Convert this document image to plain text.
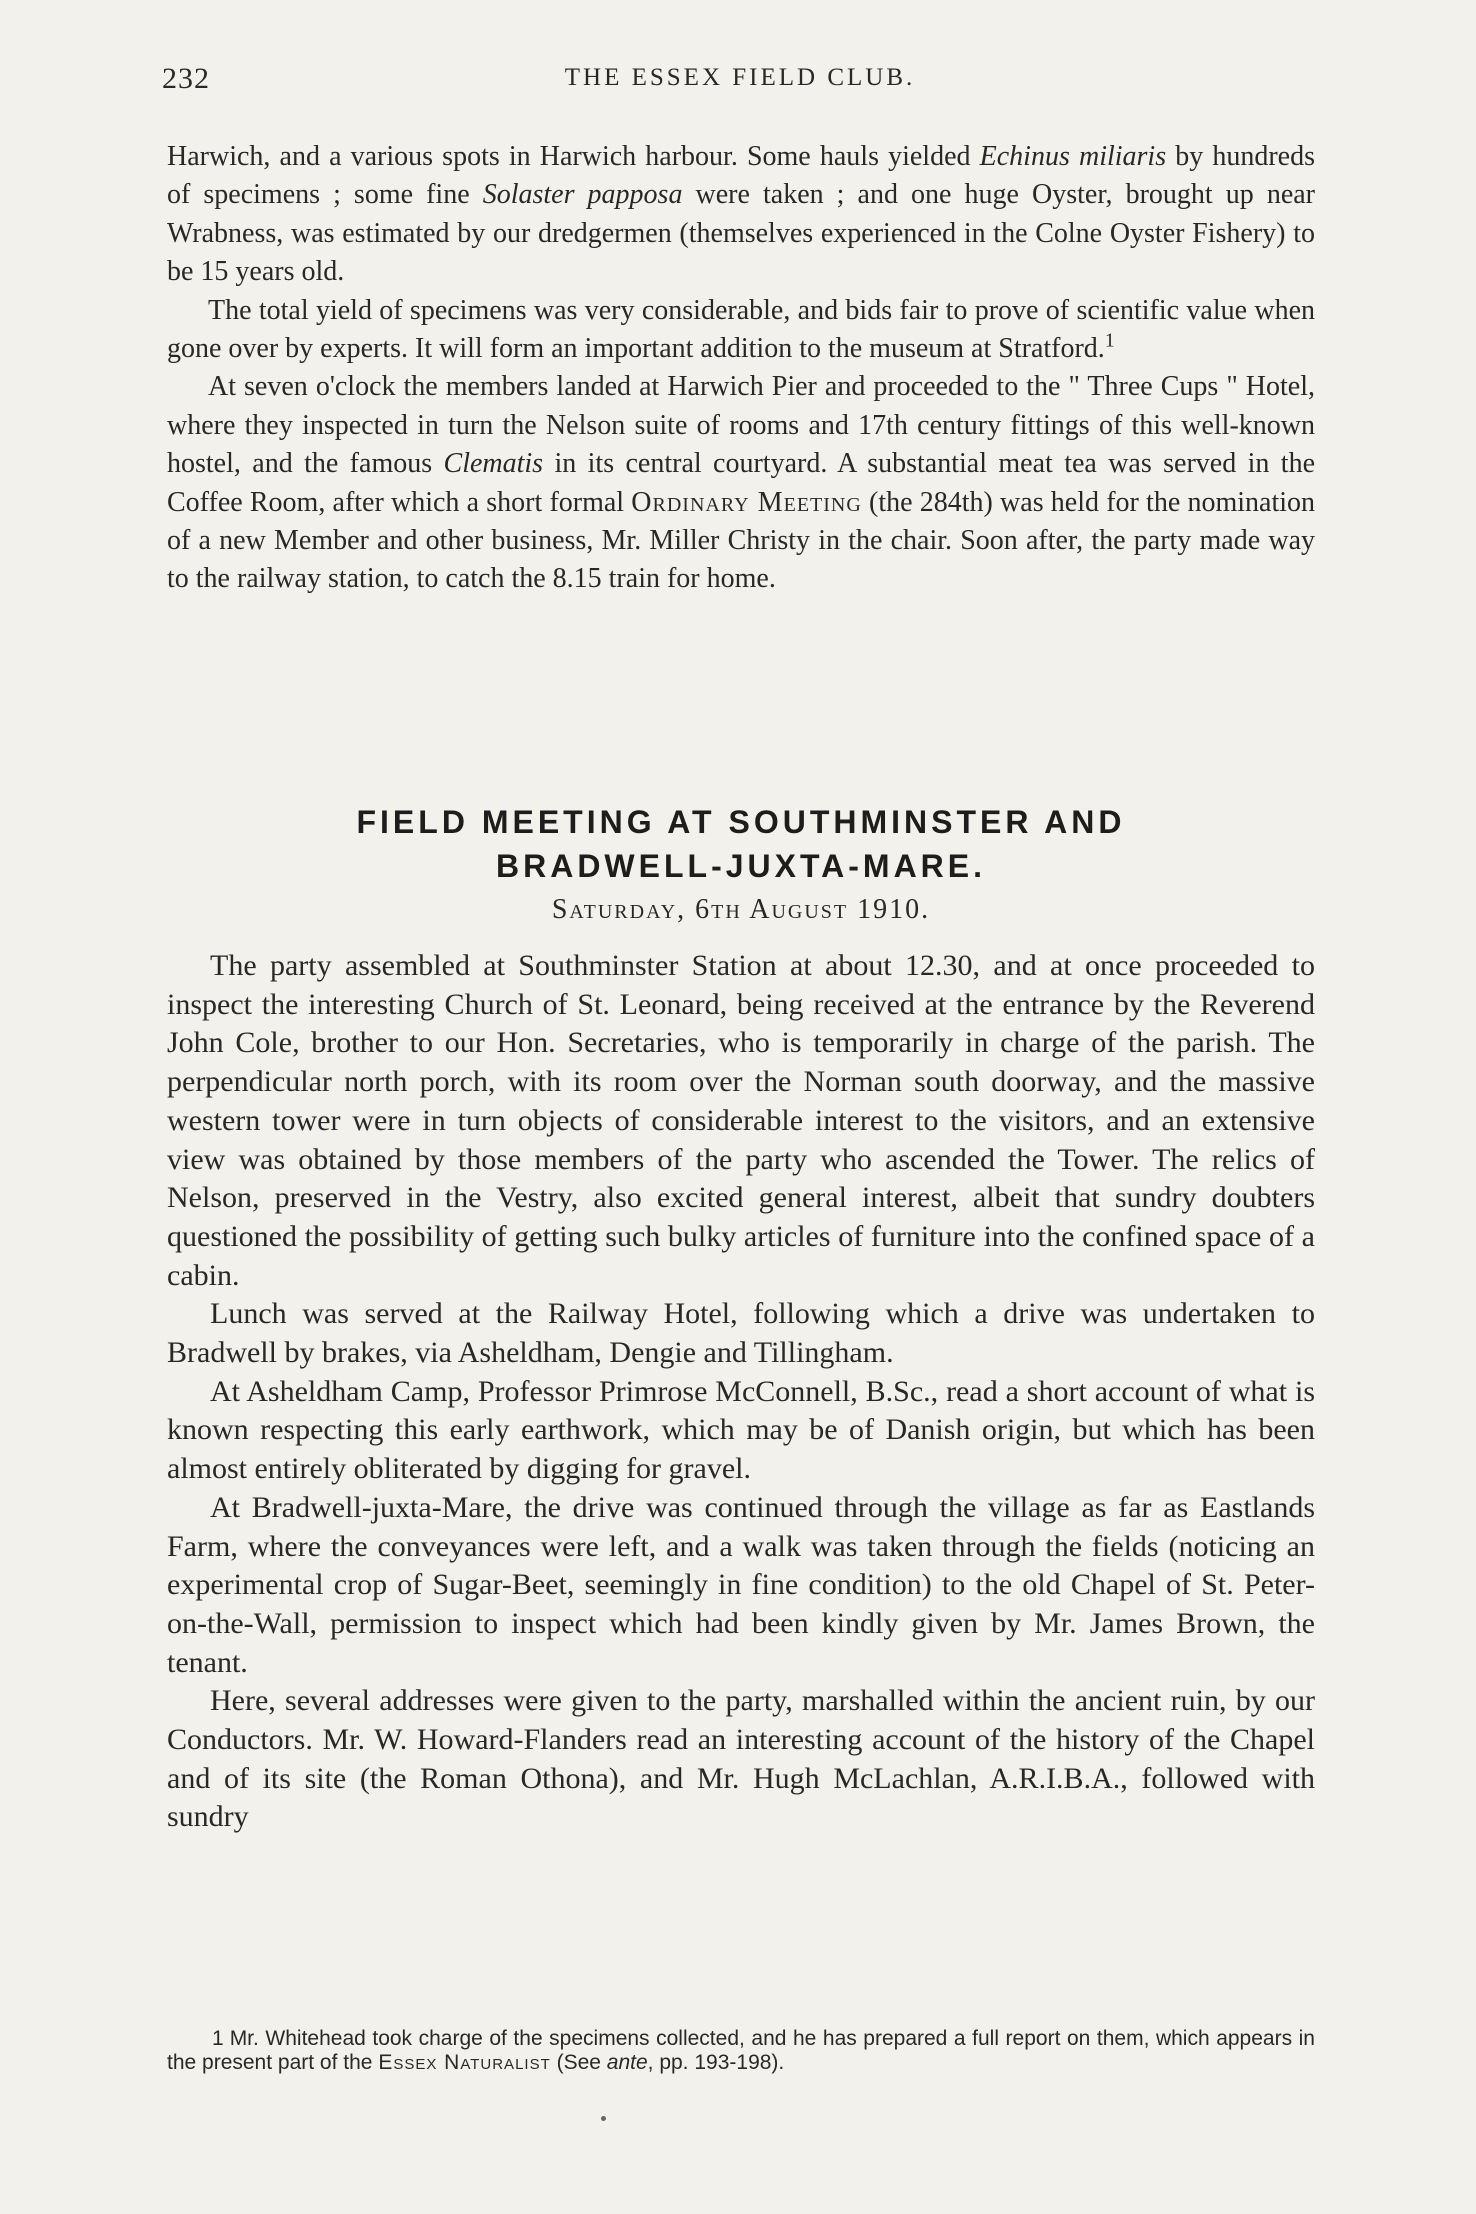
232	THE ESSEX FIELD CLUB.

Harwich, and a various spots in Harwich harbour. Some hauls yielded Echinus miliaris by hundreds of specimens ; some fine Solaster papposa were taken ; and one huge Oyster, brought up near Wrabness, was estimated by our dredgermen (themselves experienced in the Colne Oyster Fishery) to be 15 years old.

The total yield of specimens was very considerable, and bids fair to prove of scientific value when gone over by experts. It will form an important addition to the museum at Stratford.$^1$

At seven o'clock the members landed at Harwich Pier and proceeded to the " Three Cups " Hotel, where they inspected in turn the Nelson suite of rooms and 17th century fittings of this well-known hostel, and the famous Clematis in its central courtyard. A substantial meat tea was served in the Coffee Room, after which a short formal Ordinary Meeting (the 284th) was held for the nomination of a new Member and other business, Mr. Miller Christy in the chair. Soon after, the party made way to the railway station, to catch the 8.15 train for home.

FIELD MEETING AT SOUTHMINSTER AND
BRADWELL-JUXTA-MARE.
Saturday, 6th August 1910.

The party assembled at Southminster Station at about 12.30, and at once proceeded to inspect the interesting Church of St. Leonard, being received at the entrance by the Reverend John Cole, brother to our Hon. Secretaries, who is temporarily in charge of the parish. The perpendicular north porch, with its room over the Norman south doorway, and the massive western tower were in turn objects of considerable interest to the visitors, and an extensive view was obtained by those members of the party who ascended the Tower. The relics of Nelson, preserved in the Vestry, also excited general interest, albeit that sundry doubters questioned the possibility of getting such bulky articles of furniture into the confined space of a cabin.

Lunch was served at the Railway Hotel, following which a drive was undertaken to Bradwell by brakes, via Asheldham, Dengie and Tillingham.

At Asheldham Camp, Professor Primrose McConnell, B.Sc., read a short account of what is known respecting this early earthwork, which may be of Danish origin, but which has been almost entirely obliterated by digging for gravel.

At Bradwell-juxta-Mare, the drive was continued through the village as far as Eastlands Farm, where the conveyances were left, and a walk was taken through the fields (noticing an experimental crop of Sugar-Beet, seemingly in fine condition) to the old Chapel of St. Peter-on-the-Wall, permission to inspect which had been kindly given by Mr. James Brown, the tenant.

Here, several addresses were given to the party, marshalled within the ancient ruin, by our Conductors. Mr. W. Howard-Flanders read an interesting account of the history of the Chapel and of its site (the Roman Othona), and Mr. Hugh McLachlan, A.R.I.B.A., followed with sundry

1 Mr. Whitehead took charge of the specimens collected, and he has prepared a full report on them, which appears in the present part of the Essex Naturalist (See ante, pp. 193-198).
